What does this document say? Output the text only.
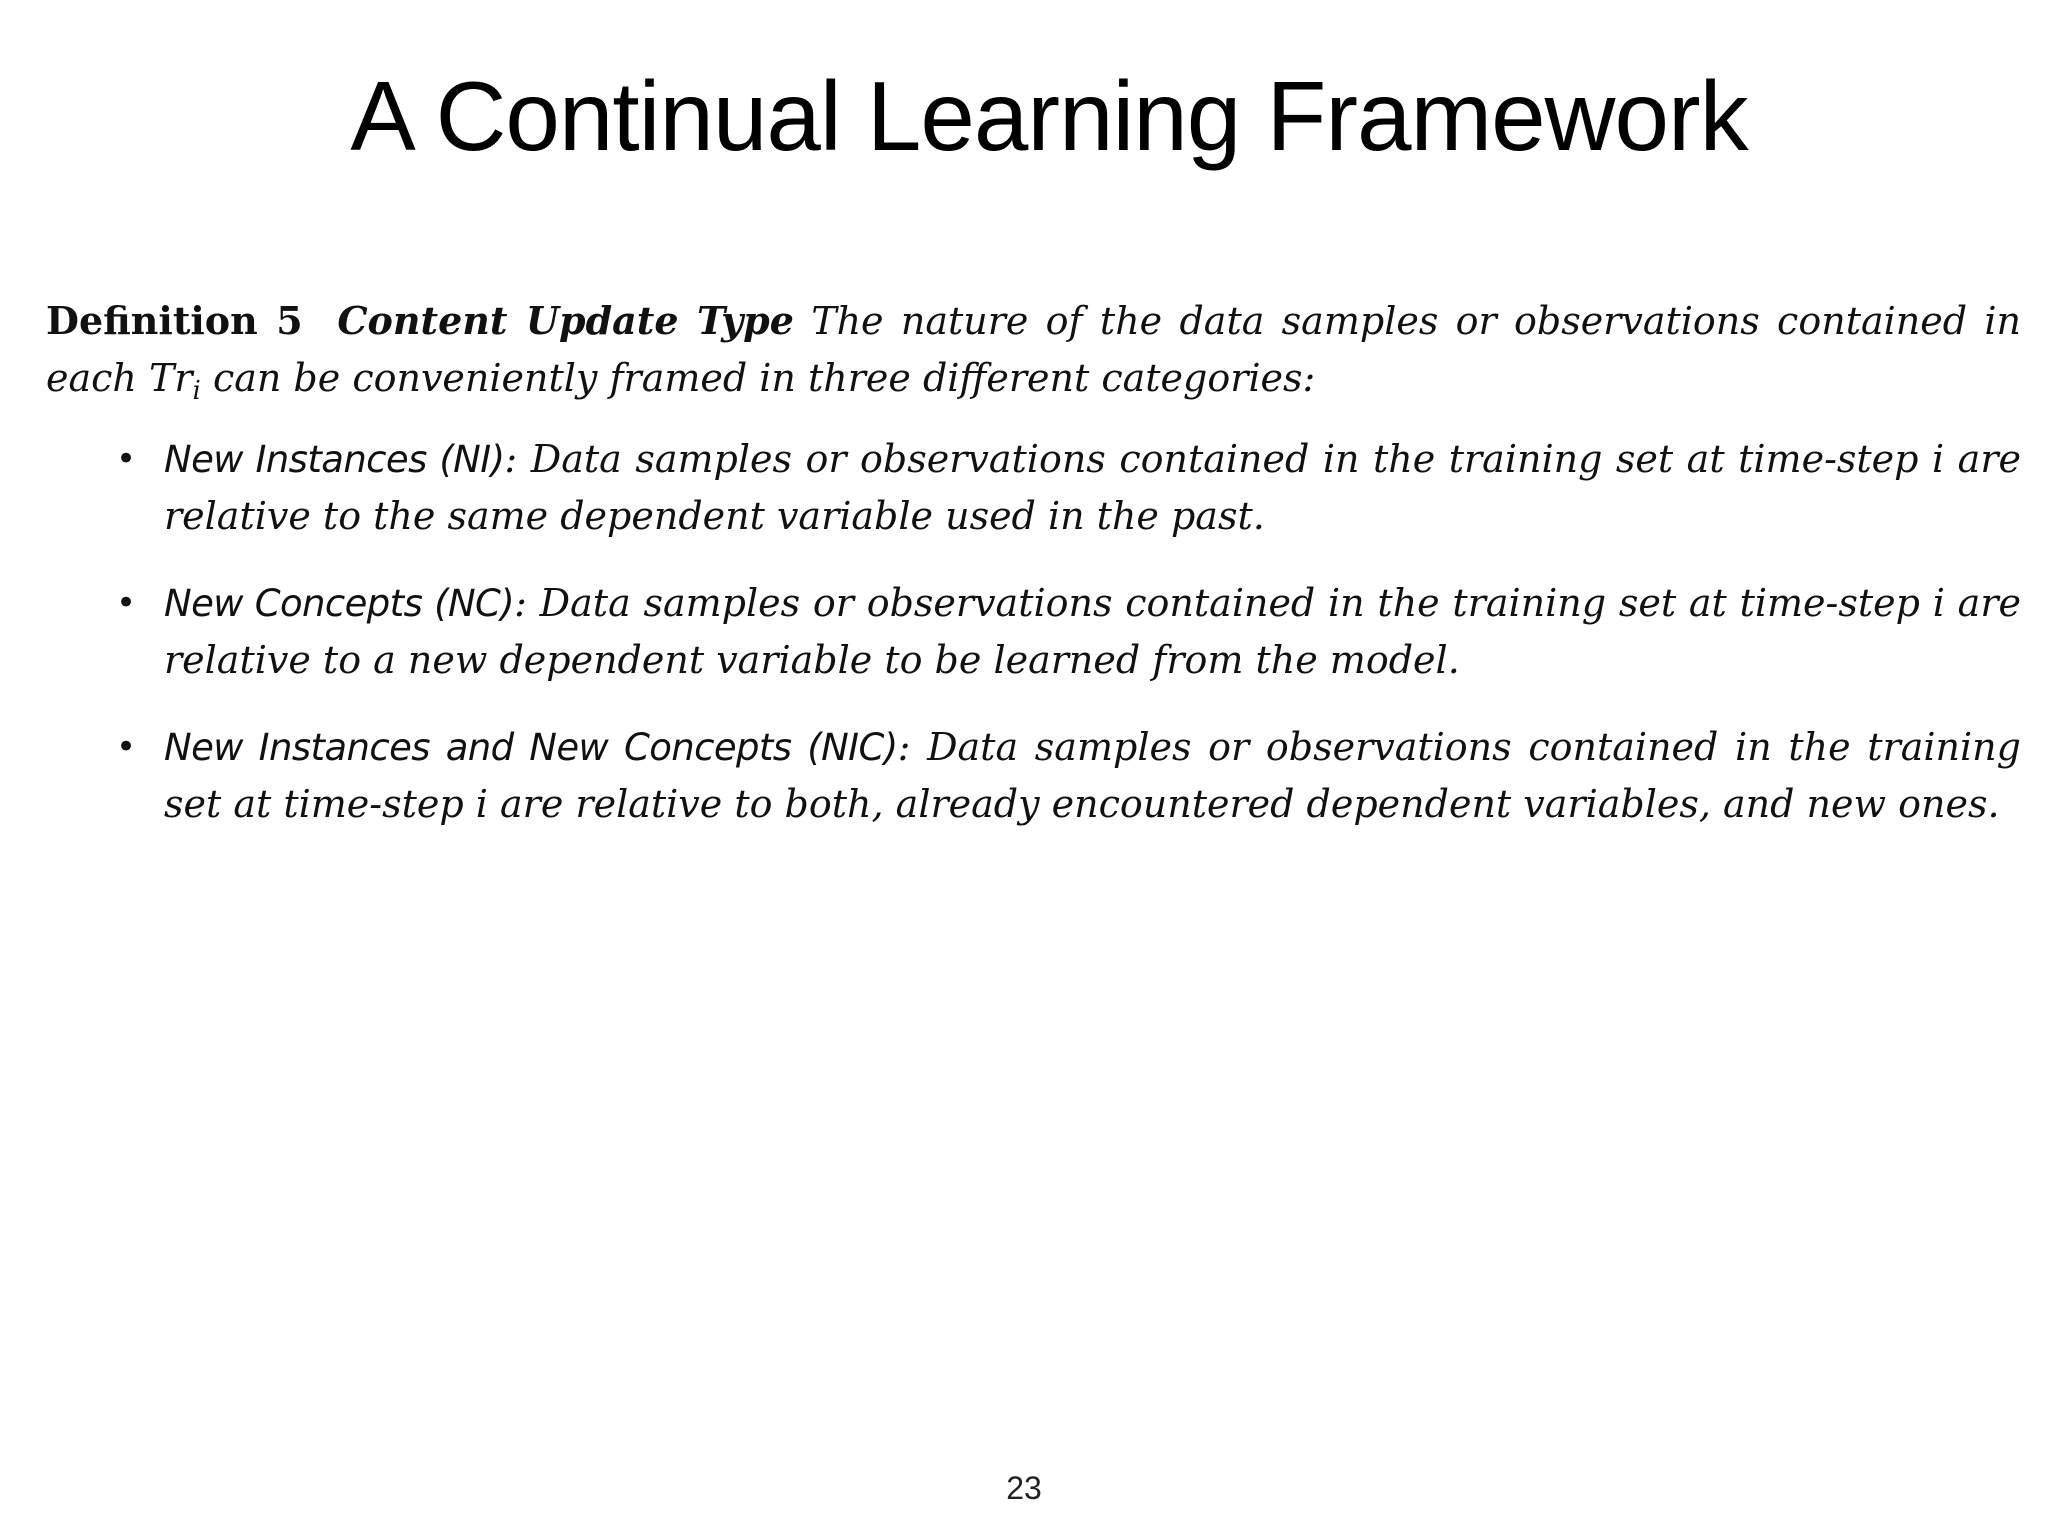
A Continual Learning Framework

Definition 5 Content Update Type The nature of the data samples or observations contained in each $Tr_i$ can be conveniently framed in three different categories:

• New Instances (NI): Data samples or observations contained in the training set at time-step i are relative to the same dependent variable used in the past.
• New Concepts (NC): Data samples or observations contained in the training set at time-step i are relative to a new dependent variable to be learned from the model.
• New Instances and New Concepts (NIC): Data samples or observations contained in the training set at time-step i are relative to both, already encountered dependent variables, and new ones.
23
